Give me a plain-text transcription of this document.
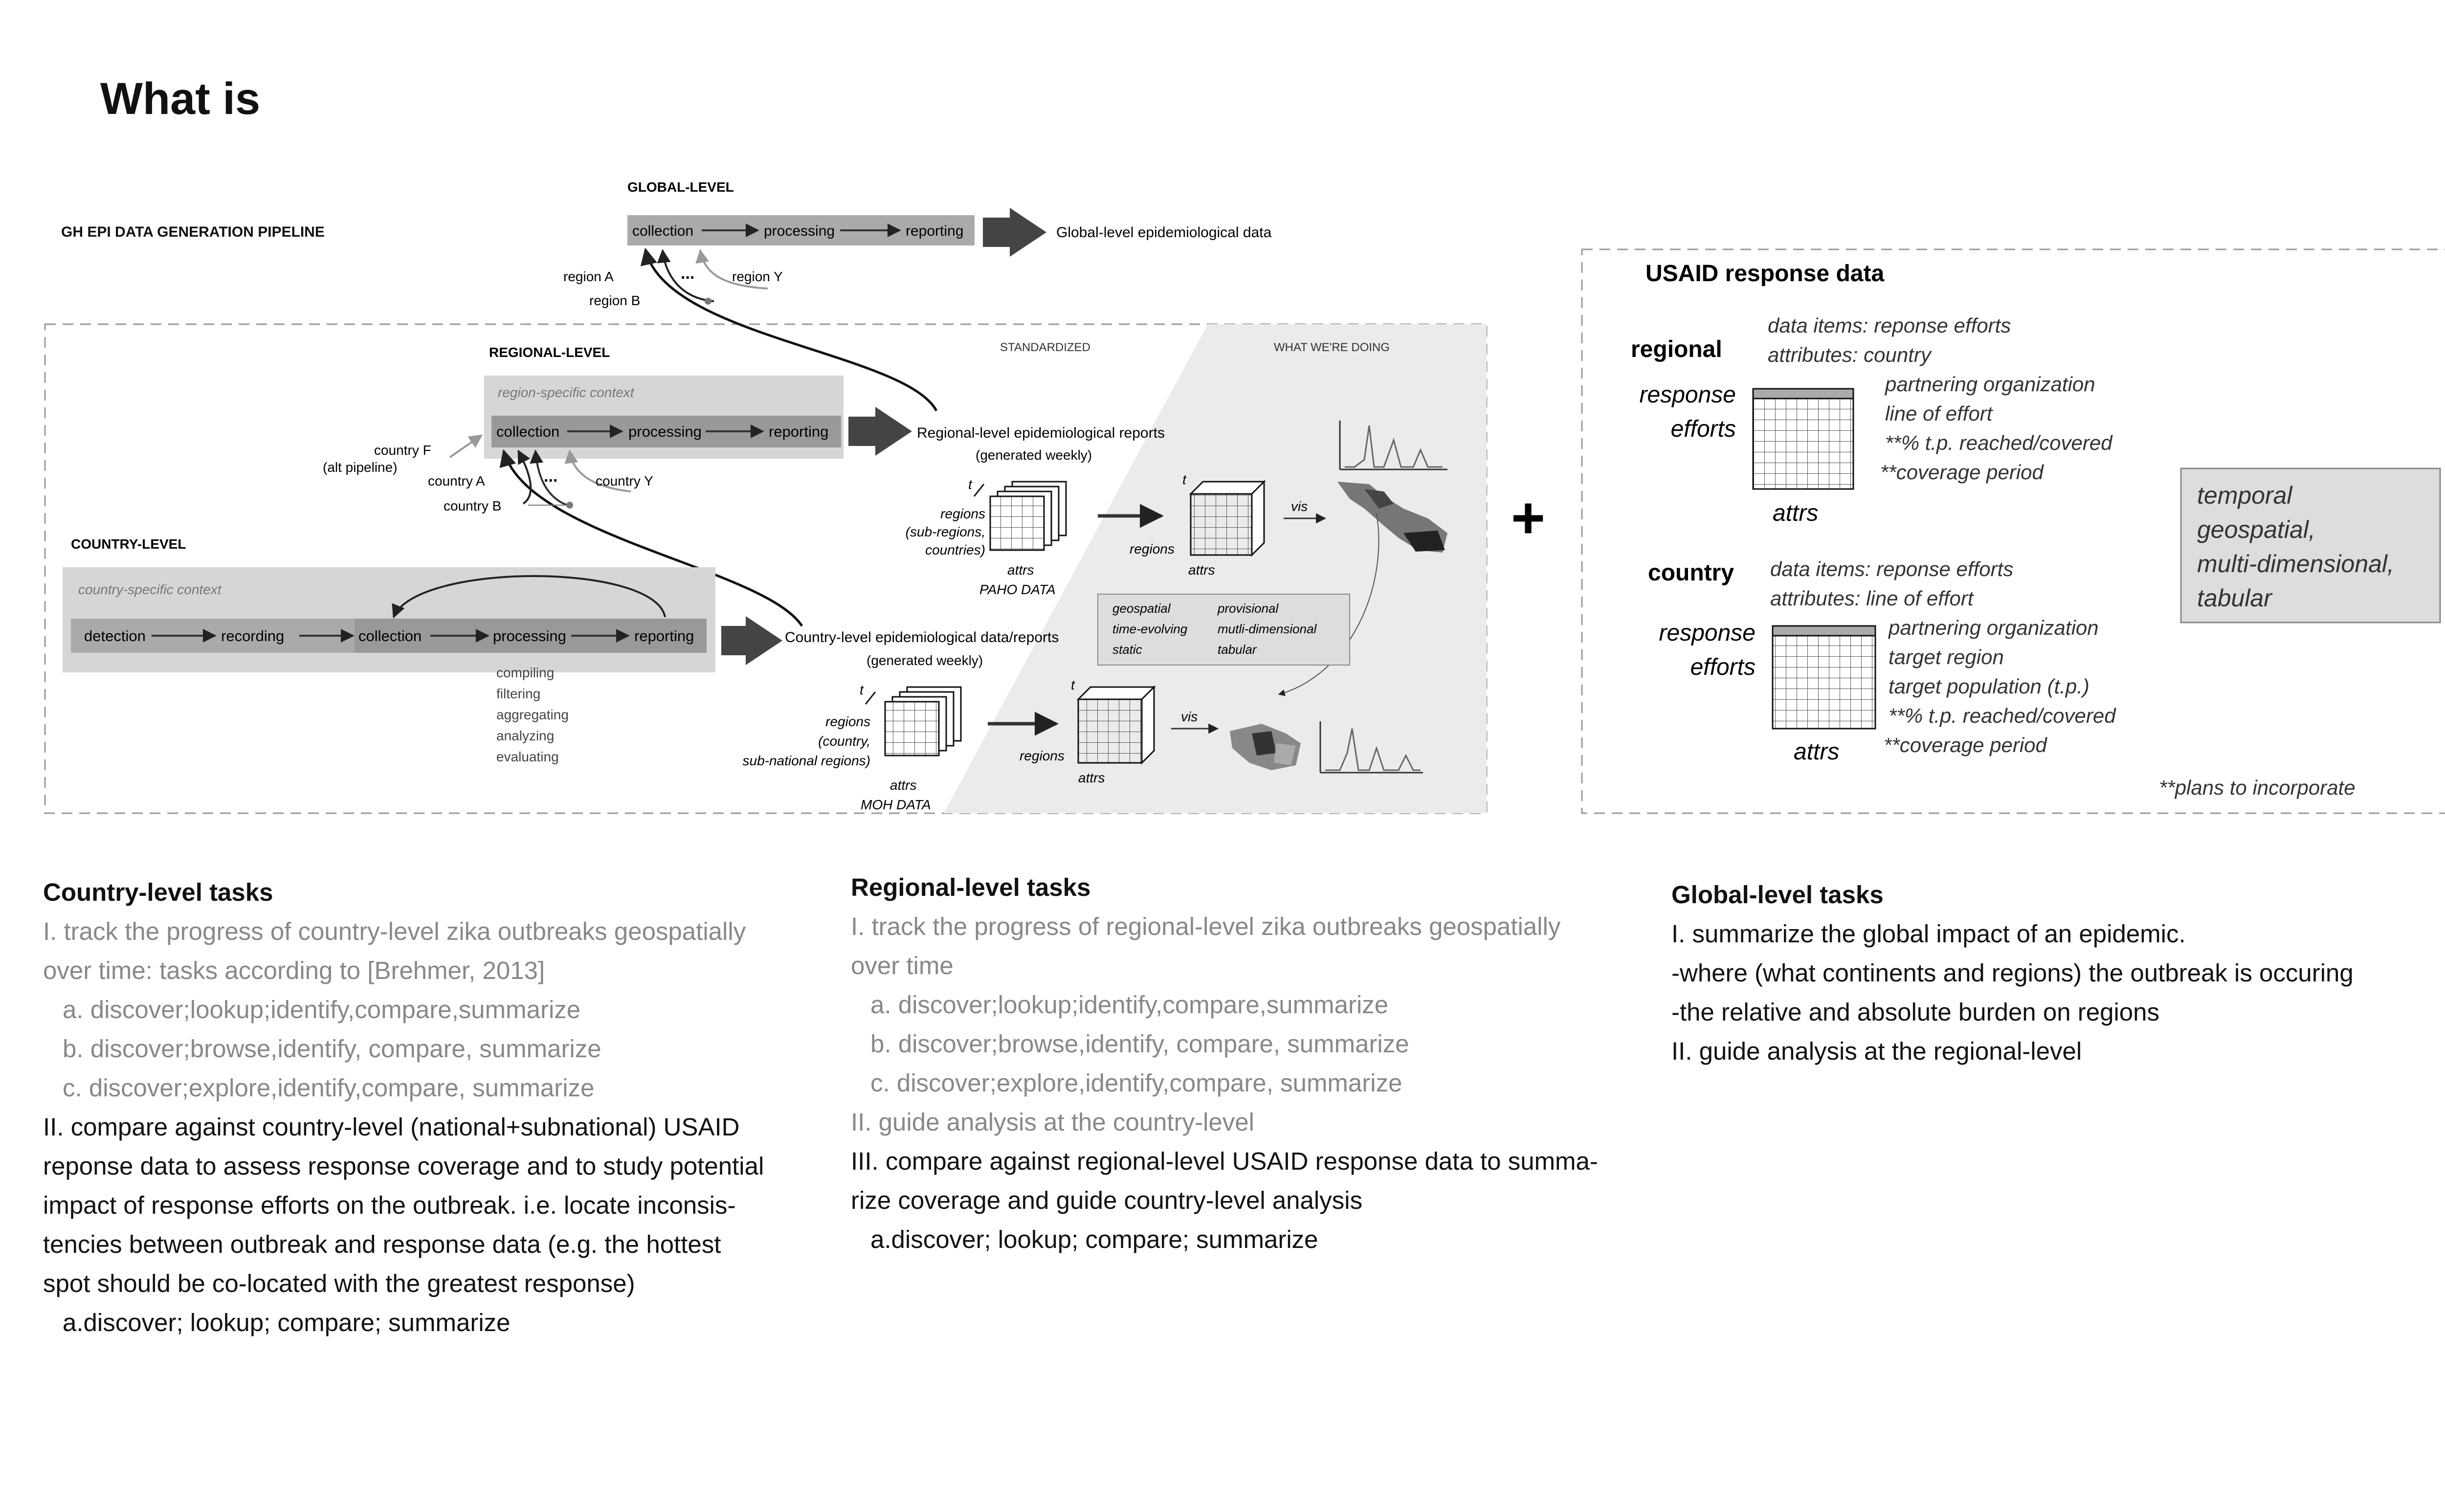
What is
GH EPI DATA GENERATION PIPELINE
STANDARDIZED	WHAT WE'RE DOING
GLOBAL-LEVEL
collection	processing	reporting	Global-level epidemiological data
region A
region B
...	region Y
REGIONAL-LEVEL
region-specific context
collection	processing	reporting	Regional-level epidemiological reports
(generated weekly)
country F
(alt pipeline)
country A
country B
...	country Y
COUNTRY-LEVEL
country-specific context
detection	recording	collection	processing	reporting	Country-level epidemiological data/reports
(generated weekly)
compiling
filtering
aggregating
analyzing
evaluating
t
regions
(sub-regions,
countries)
attrs
PAHO DATA
t
regions
attrs
vis
geospatial
time-evolving
static
provisional
mutli-dimensional
tabular
t
regions
(country,
sub-national regions)
attrs
MOH DATA
t
regions
attrs
vis
+
USAID response data
regional
response
efforts
attrs
data items: reponse efforts
attributes: country
partnering organization
line of effort
**% t.p. reached/covered
**coverage period
country
response
efforts
attrs
data items: reponse efforts
attributes: line of effort
partnering organization
target region
target population (t.p.)
**% t.p. reached/covered
**coverage period
temporal
geospatial,
multi-dimensional,
tabular
**plans to incorporate
Country-level tasks
I. track the progress of country-level zika outbreaks geospatially
over time: tasks according to [Brehmer, 2013]
a. discover;lookup;identify,compare,summarize
b. discover;browse,identify, compare, summarize
c. discover;explore,identify,compare, summarize
II. compare against country-level (national+subnational) USAID
reponse data to assess response coverage and to study potential
impact of response efforts on the outbreak. i.e. locate inconsis-
tencies between outbreak and response data (e.g. the hottest
spot should be co-located with the greatest response)
a.discover; lookup; compare; summarize
Regional-level tasks
I. track the progress of regional-level zika outbreaks geospatially
over time
a. discover;lookup;identify,compare,summarize
b. discover;browse,identify, compare, summarize
c. discover;explore,identify,compare, summarize
II. guide analysis at the country-level
III. compare against regional-level USAID response data to summa-
rize coverage and guide country-level analysis
a.discover; lookup; compare; summarize
Global-level tasks
I. summarize the global impact of an epidemic.
-where (what continents and regions) the outbreak is occuring
-the relative and absolute burden on regions
II. guide analysis at the regional-level
